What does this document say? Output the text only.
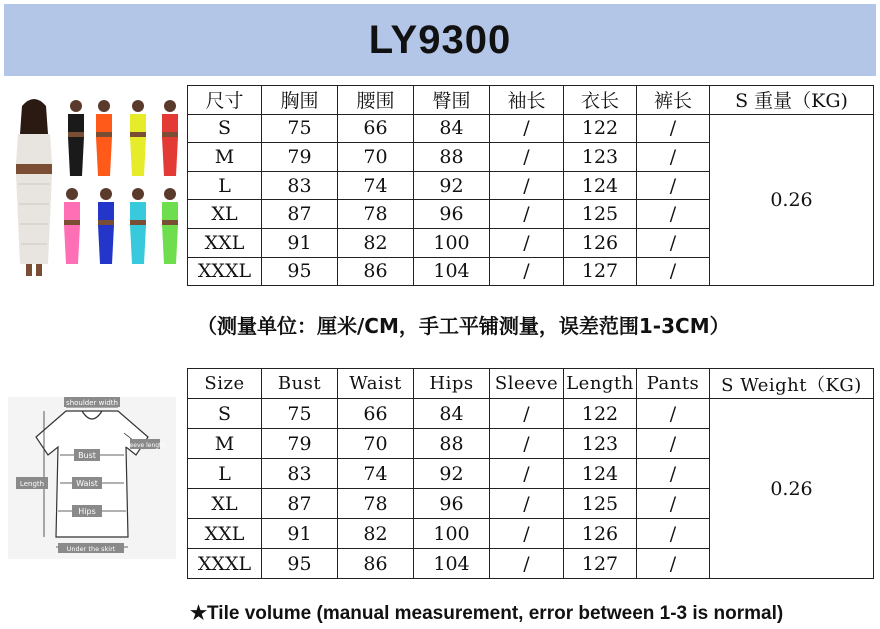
LY9300
尺寸	胸围	腰围	臀围	袖长	衣长	裤长	S 重量（KG)
S	75	66	84	/	122	/	0.26
M	79	70	88	/	123	/	
L	83	74	92	/	124	/	
XL	87	78	96	/	125	/	
XXL	91	82	100	/	126	/	
XXXL	95	86	104	/	127	/	
（测量单位：厘米/CM，手工平铺测量，误差范围1-3CM）
shoulder width
sleeve length
Bust
Waist
Hips
Length
Under the skirt
Size	Bust	Waist	Hips	Sleeve	Length	Pants	S Weight（KG)
S	75	66	84	/	122	/	0.26
M	79	70	88	/	123	/	
L	83	74	92	/	124	/	
XL	87	78	96	/	125	/	
XXL	91	82	100	/	126	/	
XXXL	95	86	104	/	127	/	
★Tile volume (manual measurement, error between 1-3 is normal)
